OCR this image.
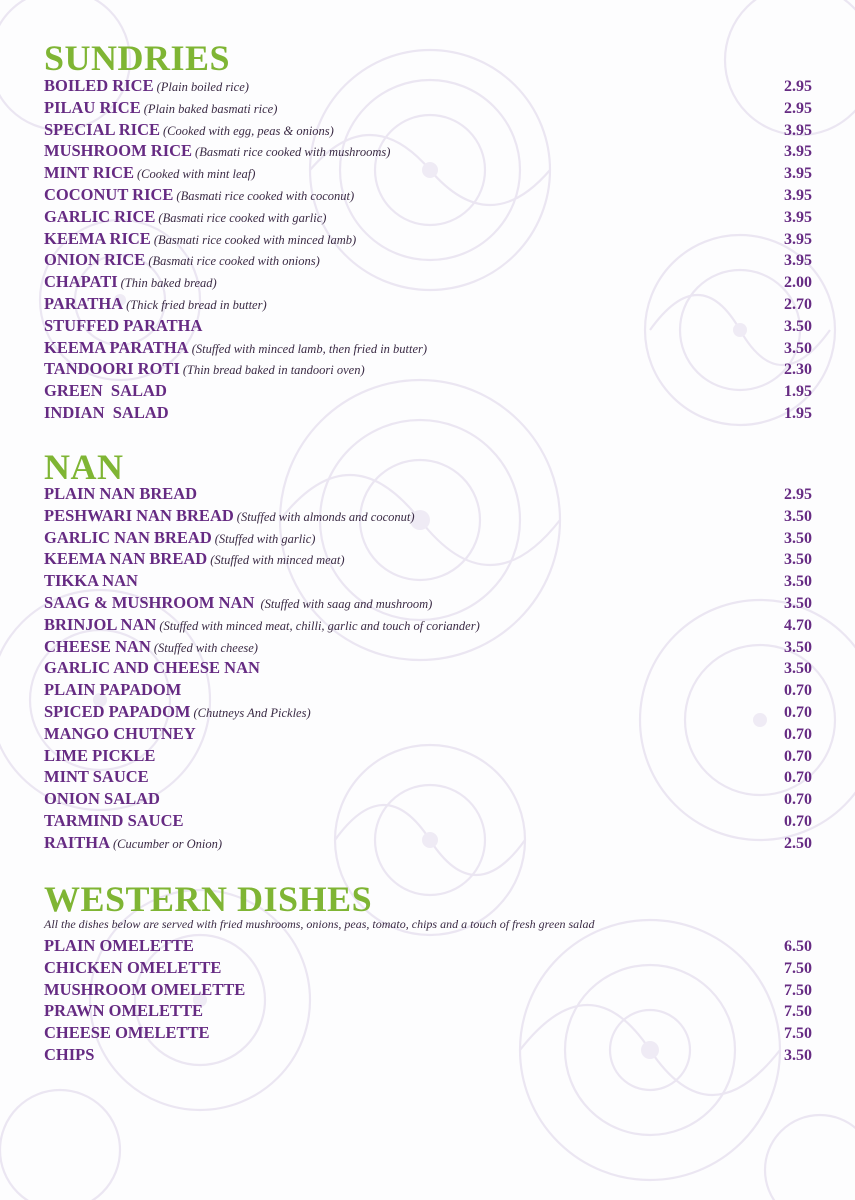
SUNDRIES
BOILED RICE (Plain boiled rice)	2.95
PILAU RICE (Plain baked basmati rice)	2.95
SPECIAL RICE (Cooked with egg, peas & onions)	3.95
MUSHROOM RICE (Basmati rice cooked with mushrooms)	3.95
MINT RICE (Cooked with mint leaf)	3.95
COCONUT RICE (Basmati rice cooked with coconut)	3.95
GARLIC RICE (Basmati rice cooked with garlic)	3.95
KEEMA RICE (Basmati rice cooked with minced lamb)	3.95
ONION RICE (Basmati rice cooked with onions)	3.95
CHAPATI (Thin baked bread)	2.00
PARATHA (Thick fried bread in butter)	2.70
STUFFED PARATHA	3.50
KEEMA PARATHA (Stuffed with minced lamb, then fried in butter)	3.50
TANDOORI ROTI (Thin bread baked in tandoori oven)	2.30
GREEN  SALAD	1.95
INDIAN  SALAD	1.95
NAN
PLAIN NAN BREAD	2.95
PESHWARI NAN BREAD (Stuffed with almonds and coconut)	3.50
GARLIC NAN BREAD (Stuffed with garlic)	3.50
KEEMA NAN BREAD (Stuffed with minced meat)	3.50
TIKKA NAN	3.50
SAAG & MUSHROOM NAN (Stuffed with saag and mushroom)	3.50
BRINJOL NAN (Stuffed with minced meat, chilli, garlic and touch of coriander)	4.70
CHEESE NAN (Stuffed with cheese)	3.50
GARLIC AND CHEESE NAN	3.50
PLAIN PAPADOM	0.70
SPICED PAPADOM (Chutneys And Pickles)	0.70
MANGO CHUTNEY	0.70
LIME PICKLE	0.70
MINT SAUCE	0.70
ONION SALAD	0.70
TARMIND SAUCE	0.70
RAITHA (Cucumber or Onion)	2.50
WESTERN DISHES
All the dishes below are served with fried mushrooms, onions, peas, tomato, chips and a touch of fresh green salad
PLAIN OMELETTE	6.50
CHICKEN OMELETTE	7.50
MUSHROOM OMELETTE	7.50
PRAWN OMELETTE	7.50
CHEESE OMELETTE	7.50
CHIPS	3.50
